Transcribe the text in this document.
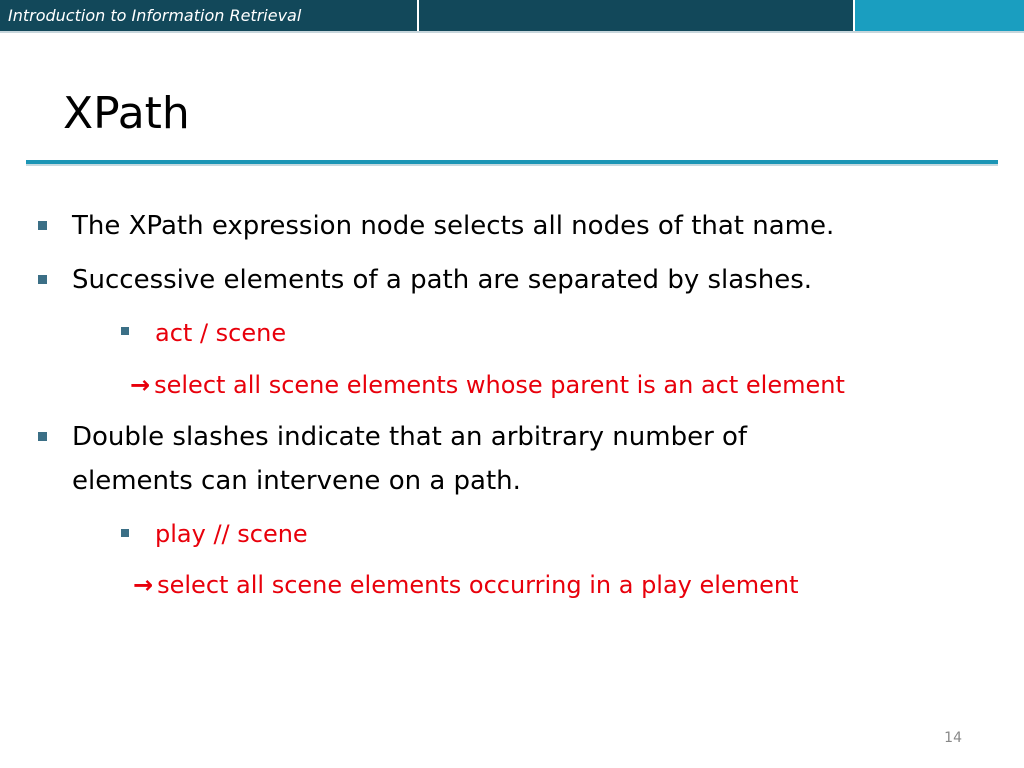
Introduction to Information Retrieval
XPath
The XPath expression node selects all nodes of that name.
Successive elements of a path are separated by slashes.
act / scene
→ select all scene elements whose parent is an act element
Double slashes indicate that an arbitrary number of
elements can intervene on a path.
play // scene
→ select all scene elements occurring in a play element
14
